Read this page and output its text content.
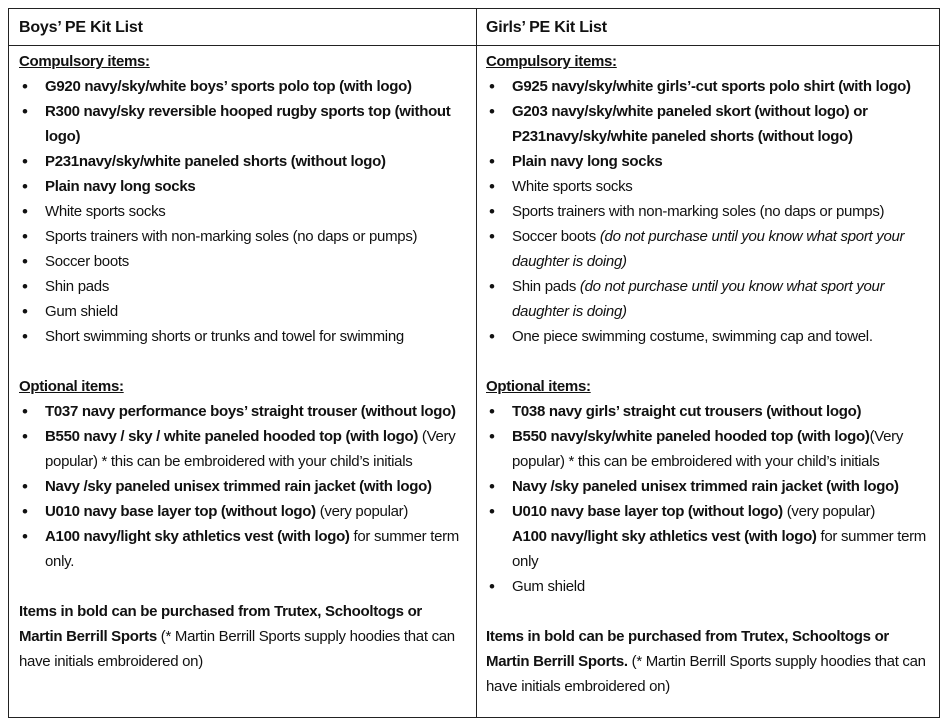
Boys’ PE Kit List	Girls’ PE Kit List
Compulsory items:
• G920 navy/sky/white boys’ sports polo top (with logo)
• R300 navy/sky reversible hooped rugby sports top (without logo)
• P231navy/sky/white paneled shorts (without logo)
• Plain navy long socks
• White sports socks
• Sports trainers with non-marking soles (no daps or pumps)
• Soccer boots
• Shin pads
• Gum shield
• Short swimming shorts or trunks and towel for swimming
Optional items:
• T037 navy performance boys’ straight trouser (without logo)
• B550 navy / sky / white paneled hooded top (with logo) (Very popular) * this can be embroidered with your child’s initials
• Navy /sky paneled unisex trimmed rain jacket (with logo)
• U010 navy base layer top (without logo) (very popular)
• A100 navy/light sky athletics vest (with logo) for summer term only.
Items in bold can be purchased from Trutex, Schooltogs or Martin Berrill Sports (* Martin Berrill Sports supply hoodies that can have initials embroidered on)
Compulsory items:
• G925 navy/sky/white girls’-cut sports polo shirt (with logo)
• G203 navy/sky/white paneled skort (without logo) or P231navy/sky/white paneled shorts (without logo)
• Plain navy long socks
• White sports socks
• Sports trainers with non-marking soles (no daps or pumps)
• Soccer boots (do not purchase until you know what sport your daughter is doing)
• Shin pads (do not purchase until you know what sport your daughter is doing)
• One piece swimming costume, swimming cap and towel.
Optional items:
• T038 navy girls’ straight cut trousers (without logo)
• B550 navy/sky/white paneled hooded top (with logo)(Very popular) * this can be embroidered with your child’s initials
• Navy /sky paneled unisex trimmed rain jacket (with logo)
• U010 navy base layer top (without logo) (very popular)
A100 navy/light sky athletics vest (with logo) for summer term only
• Gum shield
Items in bold can be purchased from Trutex, Schooltogs or Martin Berrill Sports. (* Martin Berrill Sports supply hoodies that can have initials embroidered on)
